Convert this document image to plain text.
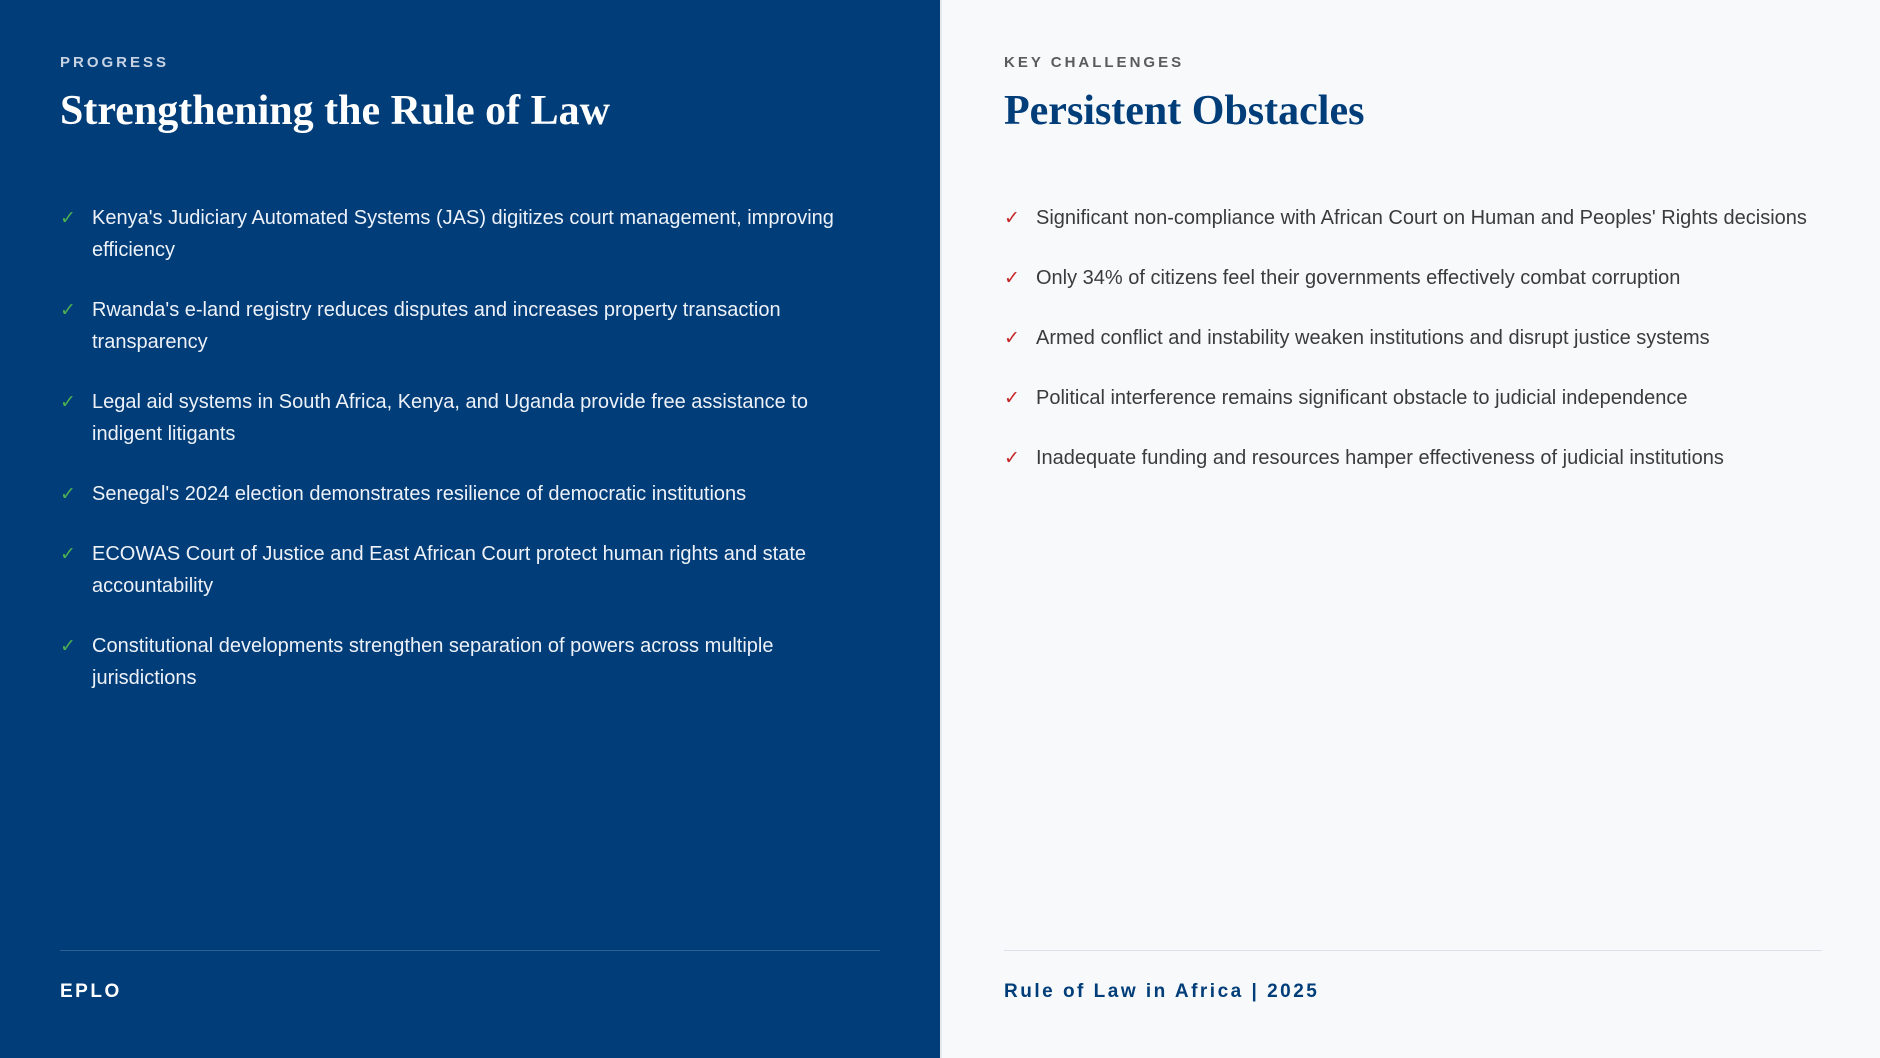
PROGRESS
Strengthening the Rule of Law
✓ Kenya's Judiciary Automated Systems (JAS) digitizes court management, improving efficiency
✓ Rwanda's e-land registry reduces disputes and increases property transaction transparency
✓ Legal aid systems in South Africa, Kenya, and Uganda provide free assistance to indigent litigants
✓ Senegal's 2024 election demonstrates resilience of democratic institutions
✓ ECOWAS Court of Justice and East African Court protect human rights and state accountability
✓ Constitutional developments strengthen separation of powers across multiple jurisdictions
EPLO
KEY CHALLENGES
Persistent Obstacles
✓ Significant non-compliance with African Court on Human and Peoples' Rights decisions
✓ Only 34% of citizens feel their governments effectively combat corruption
✓ Armed conflict and instability weaken institutions and disrupt justice systems
✓ Political interference remains significant obstacle to judicial independence
✓ Inadequate funding and resources hamper effectiveness of judicial institutions
Rule of Law in Africa | 2025
